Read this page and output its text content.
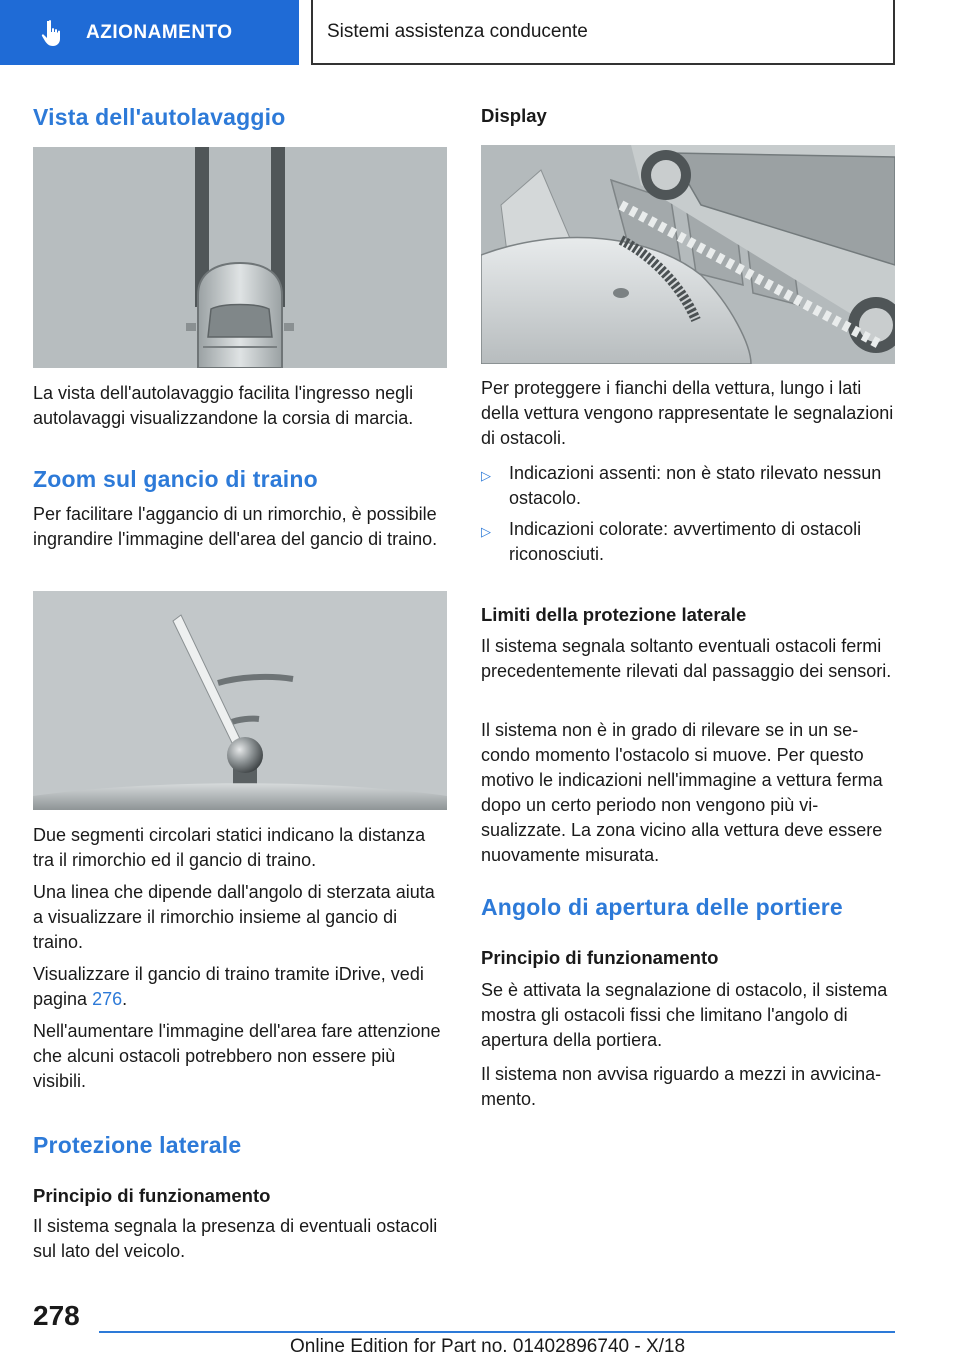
AZIONAMENTO	Sistemi assistenza conducente
Vista dell'autolavaggio
La vista dell'autolavaggio facilita l'ingresso negli autolavaggi visualizzandone la corsia di marcia.
Zoom sul gancio di traino
Per facilitare l'aggancio di un rimorchio, è possibile ingrandire l'immagine dell'area del gancio di traino.
Due segmenti circolari statici indicano la distanza tra il rimorchio ed il gancio di traino.
Una linea che dipende dall'angolo di sterzata aiuta a visualizzare il rimorchio insieme al gancio di traino.
Visualizzare il gancio di traino tramite iDrive, vedi pagina 276.
Nell'aumentare l'immagine dell'area fare attenzione che alcuni ostacoli potrebbero non essere più visibili.
Protezione laterale
Principio di funzionamento
Il sistema segnala la presenza di eventuali ostacoli sul lato del veicolo.
Display
Per proteggere i fianchi della vettura, lungo i lati della vettura vengono rappresentate le segnalazioni di ostacoli.
▷ Indicazioni assenti: non è stato rilevato nessun ostacolo.
▷ Indicazioni colorate: avvertimento di ostacoli riconosciuti.
Limiti della protezione laterale
Il sistema segnala soltanto eventuali ostacoli fermi precedentemente rilevati dal passaggio dei sensori.
Il sistema non è in grado di rilevare se in un secondo momento l'ostacolo si muove. Per questo motivo le indicazioni nell'immagine a vettura ferma dopo un certo periodo non vengono più visualizzate. La zona vicino alla vettura deve essere nuovamente misurata.
Angolo di apertura delle portiere
Principio di funzionamento
Se è attivata la segnalazione di ostacolo, il sistema mostra gli ostacoli fissi che limitano l'angolo di apertura della portiera.
Il sistema non avvisa riguardo a mezzi in avvicinamento.
278
Online Edition for Part no. 01402896740 - X/18
